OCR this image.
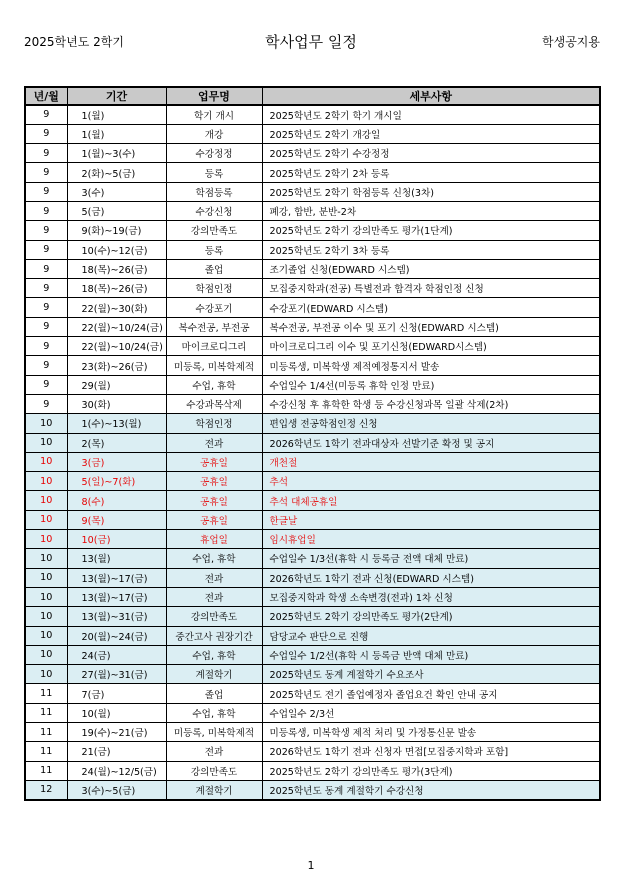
2025학년도 2학기	학사업무 일정	학생공지용
년/월	기간	업무명	세부사항
9	1(월)	학기 개시	2025학년도 2학기 학기 개시일
9	1(월)	개강	2025학년도 2학기 개강일
9	1(월)~3(수)	수강정정	2025학년도 2학기 수강정정
9	2(화)~5(금)	등록	2025학년도 2학기 2차 등록
9	3(수)	학점등록	2025학년도 2학기 학점등록 신청(3차)
9	5(금)	수강신청	폐강, 합반, 분반-2차
9	9(화)~19(금)	강의만족도	2025학년도 2학기 강의만족도 평가(1단계)
9	10(수)~12(금)	등록	2025학년도 2학기 3차 등록
9	18(목)~26(금)	졸업	조기졸업 신청(EDWARD 시스템)
9	18(목)~26(금)	학점인정	모집중지학과(전공) 특별전과 합격자 학점인정 신청
9	22(월)~30(화)	수강포기	수강포기(EDWARD 시스템)
9	22(월)~10/24(금)	복수전공, 부전공	복수전공, 부전공 이수 및 포기 신청(EDWARD 시스템)
9	22(월)~10/24(금)	마이크로디그리	마이크로디그리 이수 및 포기신청(EDWARD시스템)
9	23(화)~26(금)	미등록, 미복학제적	미등록생, 미복학생 제적예정통지서 발송
9	29(월)	수업, 휴학	수업일수 1/4선(미등록 휴학 인정 만료)
9	30(화)	수강과목삭제	수강신청 후 휴학한 학생 등 수강신청과목 일괄 삭제(2차)
10	1(수)~13(월)	학점인정	편입생 전공학점인정 신청
10	2(목)	전과	2026학년도 1학기 전과대상자 선발기준 확정 및 공지
10	3(금)	공휴일	개천절
10	5(일)~7(화)	공휴일	추석
10	8(수)	공휴일	추석 대체공휴일
10	9(목)	공휴일	한글날
10	10(금)	휴업일	임시휴업일
10	13(월)	수업, 휴학	수업일수 1/3선(휴학 시 등록금 전액 대체 만료)
10	13(월)~17(금)	전과	2026학년도 1학기 전과 신청(EDWARD 시스템)
10	13(월)~17(금)	전과	모집중지학과 학생 소속변경(전과) 1차 신청
10	13(월)~31(금)	강의만족도	2025학년도 2학기 강의만족도 평가(2단계)
10	20(월)~24(금)	중간고사 권장기간	담당교수 판단으로 진행
10	24(금)	수업, 휴학	수업일수 1/2선(휴학 시 등록금 반액 대체 만료)
10	27(월)~31(금)	계절학기	2025학년도 동계 계절학기 수요조사
11	7(금)	졸업	2025학년도 전기 졸업예정자 졸업요건 확인 안내 공지
11	10(월)	수업, 휴학	수업일수 2/3선
11	19(수)~21(금)	미등록, 미복학제적	미등록생, 미복학생 제적 처리 및 가정통신문 발송
11	21(금)	전과	2026학년도 1학기 전과 신청자 면접[모집중지학과 포함]
11	24(월)~12/5(금)	강의만족도	2025학년도 2학기 강의만족도 평가(3단계)
12	3(수)~5(금)	계절학기	2025학년도 동계 계절학기 수강신청
1
